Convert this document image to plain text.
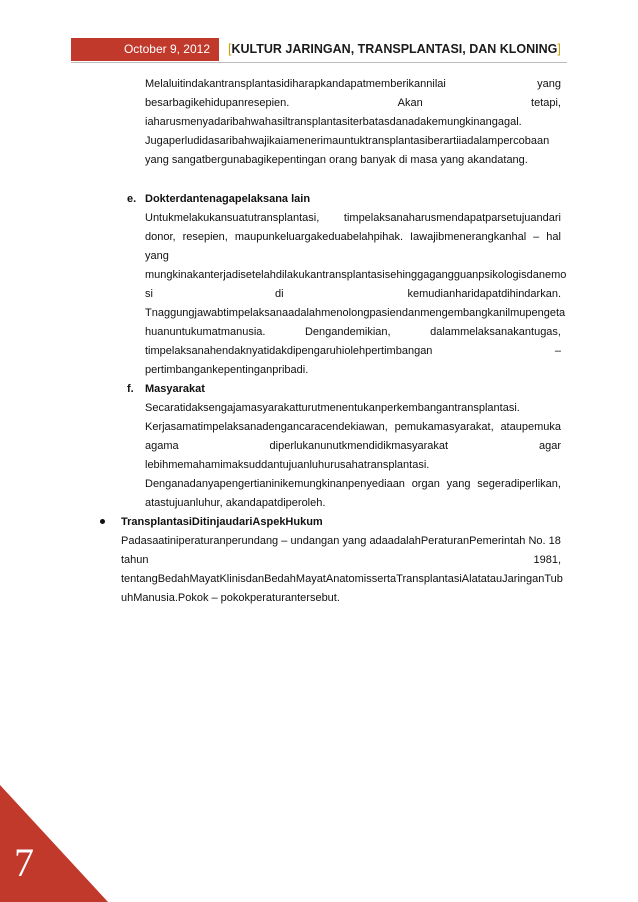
October 9, 2012	[KULTUR JARINGAN, TRANSPLANTASI, DAN KLONING]
Melaluitindakantransplantasidiharapkandapatmemberikannilai	yang
besarbagikehidupanresepien.	Akan	tetapi,
iaharusmenyadaribahwahasiltransplantasiterbatasdanadakemungkinangagal.
Jugaperludidasaribahwajikaiamenerimauntuktransplantasiberartiiadalampercobaan
yang sangatbergunabagikepentingan orang banyak di masa yang akandatang.
e. Dokterdantenagapelaksana lain
Untukmelakukansuatutransplantasi, timpelaksanaharusmendapatparsetujuandari
donor, resepien, maupunkeluargakeduabelahpihak. Iawajibmenerangkanhal – hal
yang
mungkinakanterjadisetelahdilakukantransplantasisehinggagangguanpsikologisdanemo
si	di	kemudianharidapatdihindarkan.
Tnaggungjawabtimpelaksanaadalahmenolongpasiendanmengembangkanilmupengeta
huanuntukumatmanusia.	Dengandemikian,	dalammelaksanakantugas,
timpelaksanahendaknyatidakdipengaruhiolehpertimbangan	–
pertimbangankepentinganpribadi.
f. Masyarakat
Secaratidaksengajamasyarakatturutmenentukanperkembangantransplantasi.
Kerjasamatimpelaksanadengancaracendekiawan, pemukamasyarakat, ataupemuka
agama	diperlukanunutkmendidikmasyarakat	agar
lebihmemahamimaksuddantujuanluhurusahatransplantasi.
Denganadanyapengertianinikemungkinanpenyediaan organ yang segeradiperlikan,
atastujuanluhur, akandapatdiperoleh.
TransplantasiDitinjaudariAspekHukum
Padasaatiniperaturanperundang – undangan yang adaadalahPeraturanPemerintah No. 18
tahun	1981,
tentangBedahMayatKlinisdanBedahMayatAnatomissertaTransplantasiAlatatauJaringanTub
uhManusia.Pokok – pokokperaturantersebut.
7
